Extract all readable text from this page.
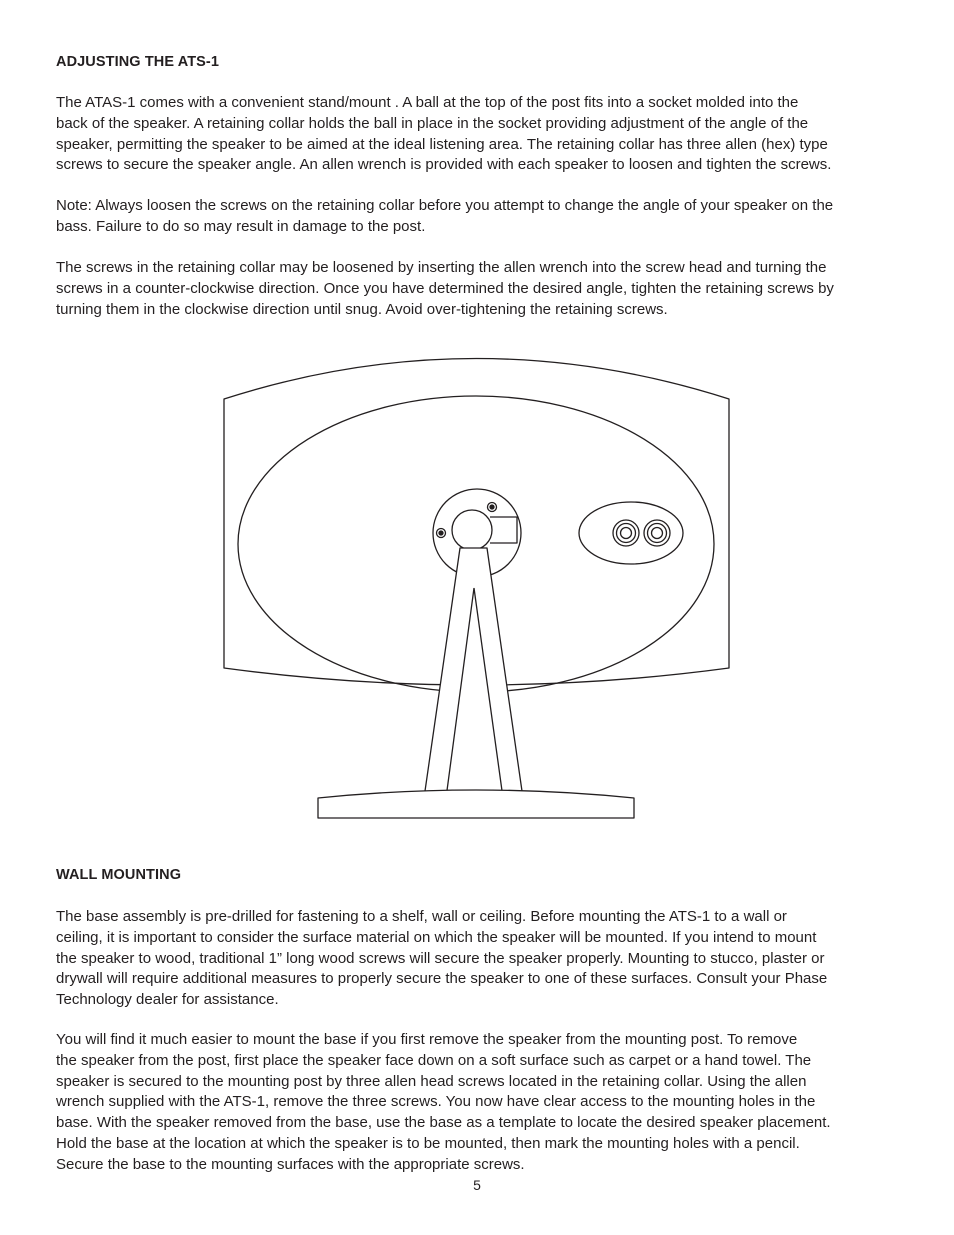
ADJUSTING THE ATS-1

The ATAS-1 comes with a convenient stand/mount . A ball at the top of the post fits into a socket molded into the
back of the speaker. A retaining collar holds the ball in place in the socket providing adjustment of the angle of the
speaker, permitting the speaker to be aimed at the ideal listening area. The retaining collar has three allen (hex) type
screws to secure the speaker angle. An allen wrench is provided with each speaker to loosen and tighten the screws.

Note: Always loosen the screws on the retaining collar before you attempt to change the angle of your speaker on the
bass. Failure to do so may result in damage to the post.

The screws in the retaining collar may be loosened by inserting the allen wrench into the screw head and turning the
screws in a counter-clockwise direction. Once you have determined the desired angle, tighten the retaining screws by
turning them in the clockwise direction until snug. Avoid over-tightening the retaining screws.

WALL MOUNTING

The base assembly is pre-drilled for fastening to a shelf, wall or ceiling. Before mounting the ATS-1 to a wall or
ceiling, it is important to consider the surface material on which the speaker will be mounted. If you intend to mount
the speaker to wood, traditional 1” long wood screws will secure the speaker properly. Mounting to stucco, plaster or
drywall will require additional measures to properly secure the speaker to one of these surfaces. Consult your Phase
Technology dealer for assistance.

You will find it much easier to mount the base if you first remove the speaker from the mounting post. To remove
the speaker from the post, first place the speaker face down on a soft surface such as carpet or a hand towel. The
speaker is secured to the mounting post by three allen head screws located in the retaining collar. Using the allen
wrench supplied with the ATS-1, remove the three screws. You now have clear access to the mounting holes in the
base. With the speaker removed from the base, use the base as a template to locate the desired speaker placement.
Hold the base at the location at which the speaker is to be mounted, then mark the mounting holes with a pencil.
Secure the base to the mounting surfaces with the appropriate screws.

5
